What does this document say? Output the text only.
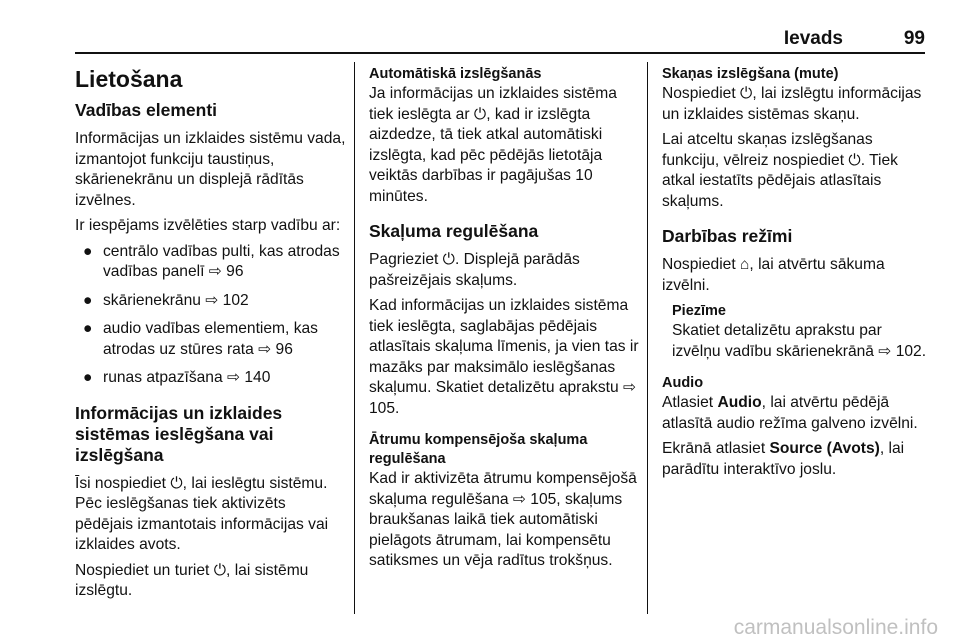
Ievads	99
Lietošana
Vadības elementi

Informācijas un izklaides sistēmu vada, izmantojot funkciju taustiņus, skārienekrānu un displejā rādītās izvēlnes.

Ir iespējams izvēlēties starp vadību ar:

● centrālo vadības pulti, kas atrodas vadības panelī ⇨ 96
● skārienekrānu ⇨ 102
● audio vadības elementiem, kas atrodas uz stūres rata ⇨ 96
● runas atpazīšana ⇨ 140
Informācijas un izklaides sistēmas ieslēgšana vai izslēgšana

Īsi nospiediet ⏻, lai ieslēgtu sistēmu. Pēc ieslēgšanas tiek aktivizēts pēdējais izmantotais informācijas vai izklaides avots.

Nospiediet un turiet ⏻, lai sistēmu izslēgtu.

Automātiskā izslēgšanās

Ja informācijas un izklaides sistēma tiek ieslēgta ar ⏻, kad ir izslēgta aizdedze, tā tiek atkal automātiski izslēgta, kad pēc pēdējās lietotāja veiktās darbības ir pagājušas 10 minūtes.

Skaļuma regulēšana

Pagrieziet ⏻. Displejā parādās pašreizējais skaļums.

Kad informācijas un izklaides sistēma tiek ieslēgta, saglabājas pēdējais atlasītais skaļuma līmenis, ja vien tas ir mazāks par maksimālo ieslēgšanas skaļumu. Skatiet detalizētu aprakstu ⇨ 105.

Ātrumu kompensējoša skaļuma regulēšana

Kad ir aktivizēta ātrumu kompensējošā skaļuma regulēšana ⇨ 105, skaļums braukšanas laikā tiek automātiski pielāgots ātrumam, lai kompensētu satiksmes un vēja radītus trokšņus.

Skaņas izslēgšana (mute)

Nospiediet ⏻, lai izslēgtu informācijas un izklaides sistēmas skaņu.

Lai atceltu skaņas izslēgšanas funkciju, vēlreiz nospiediet ⏻. Tiek atkal iestatīts pēdējais atlasītais skaļums.

Darbības režīmi

Nospiediet ⌂, lai atvērtu sākuma izvēlni.

Piezīme
Skatiet detalizētu aprakstu par izvēlņu vadību skārienekrānā ⇨ 102.
Audio

Atlasiet Audio, lai atvērtu pēdējā atlasītā audio režīma galveno izvēlni.

Ekrānā atlasiet Source (Avots), lai parādītu interaktīvo joslu.

carmanualsonline.info
